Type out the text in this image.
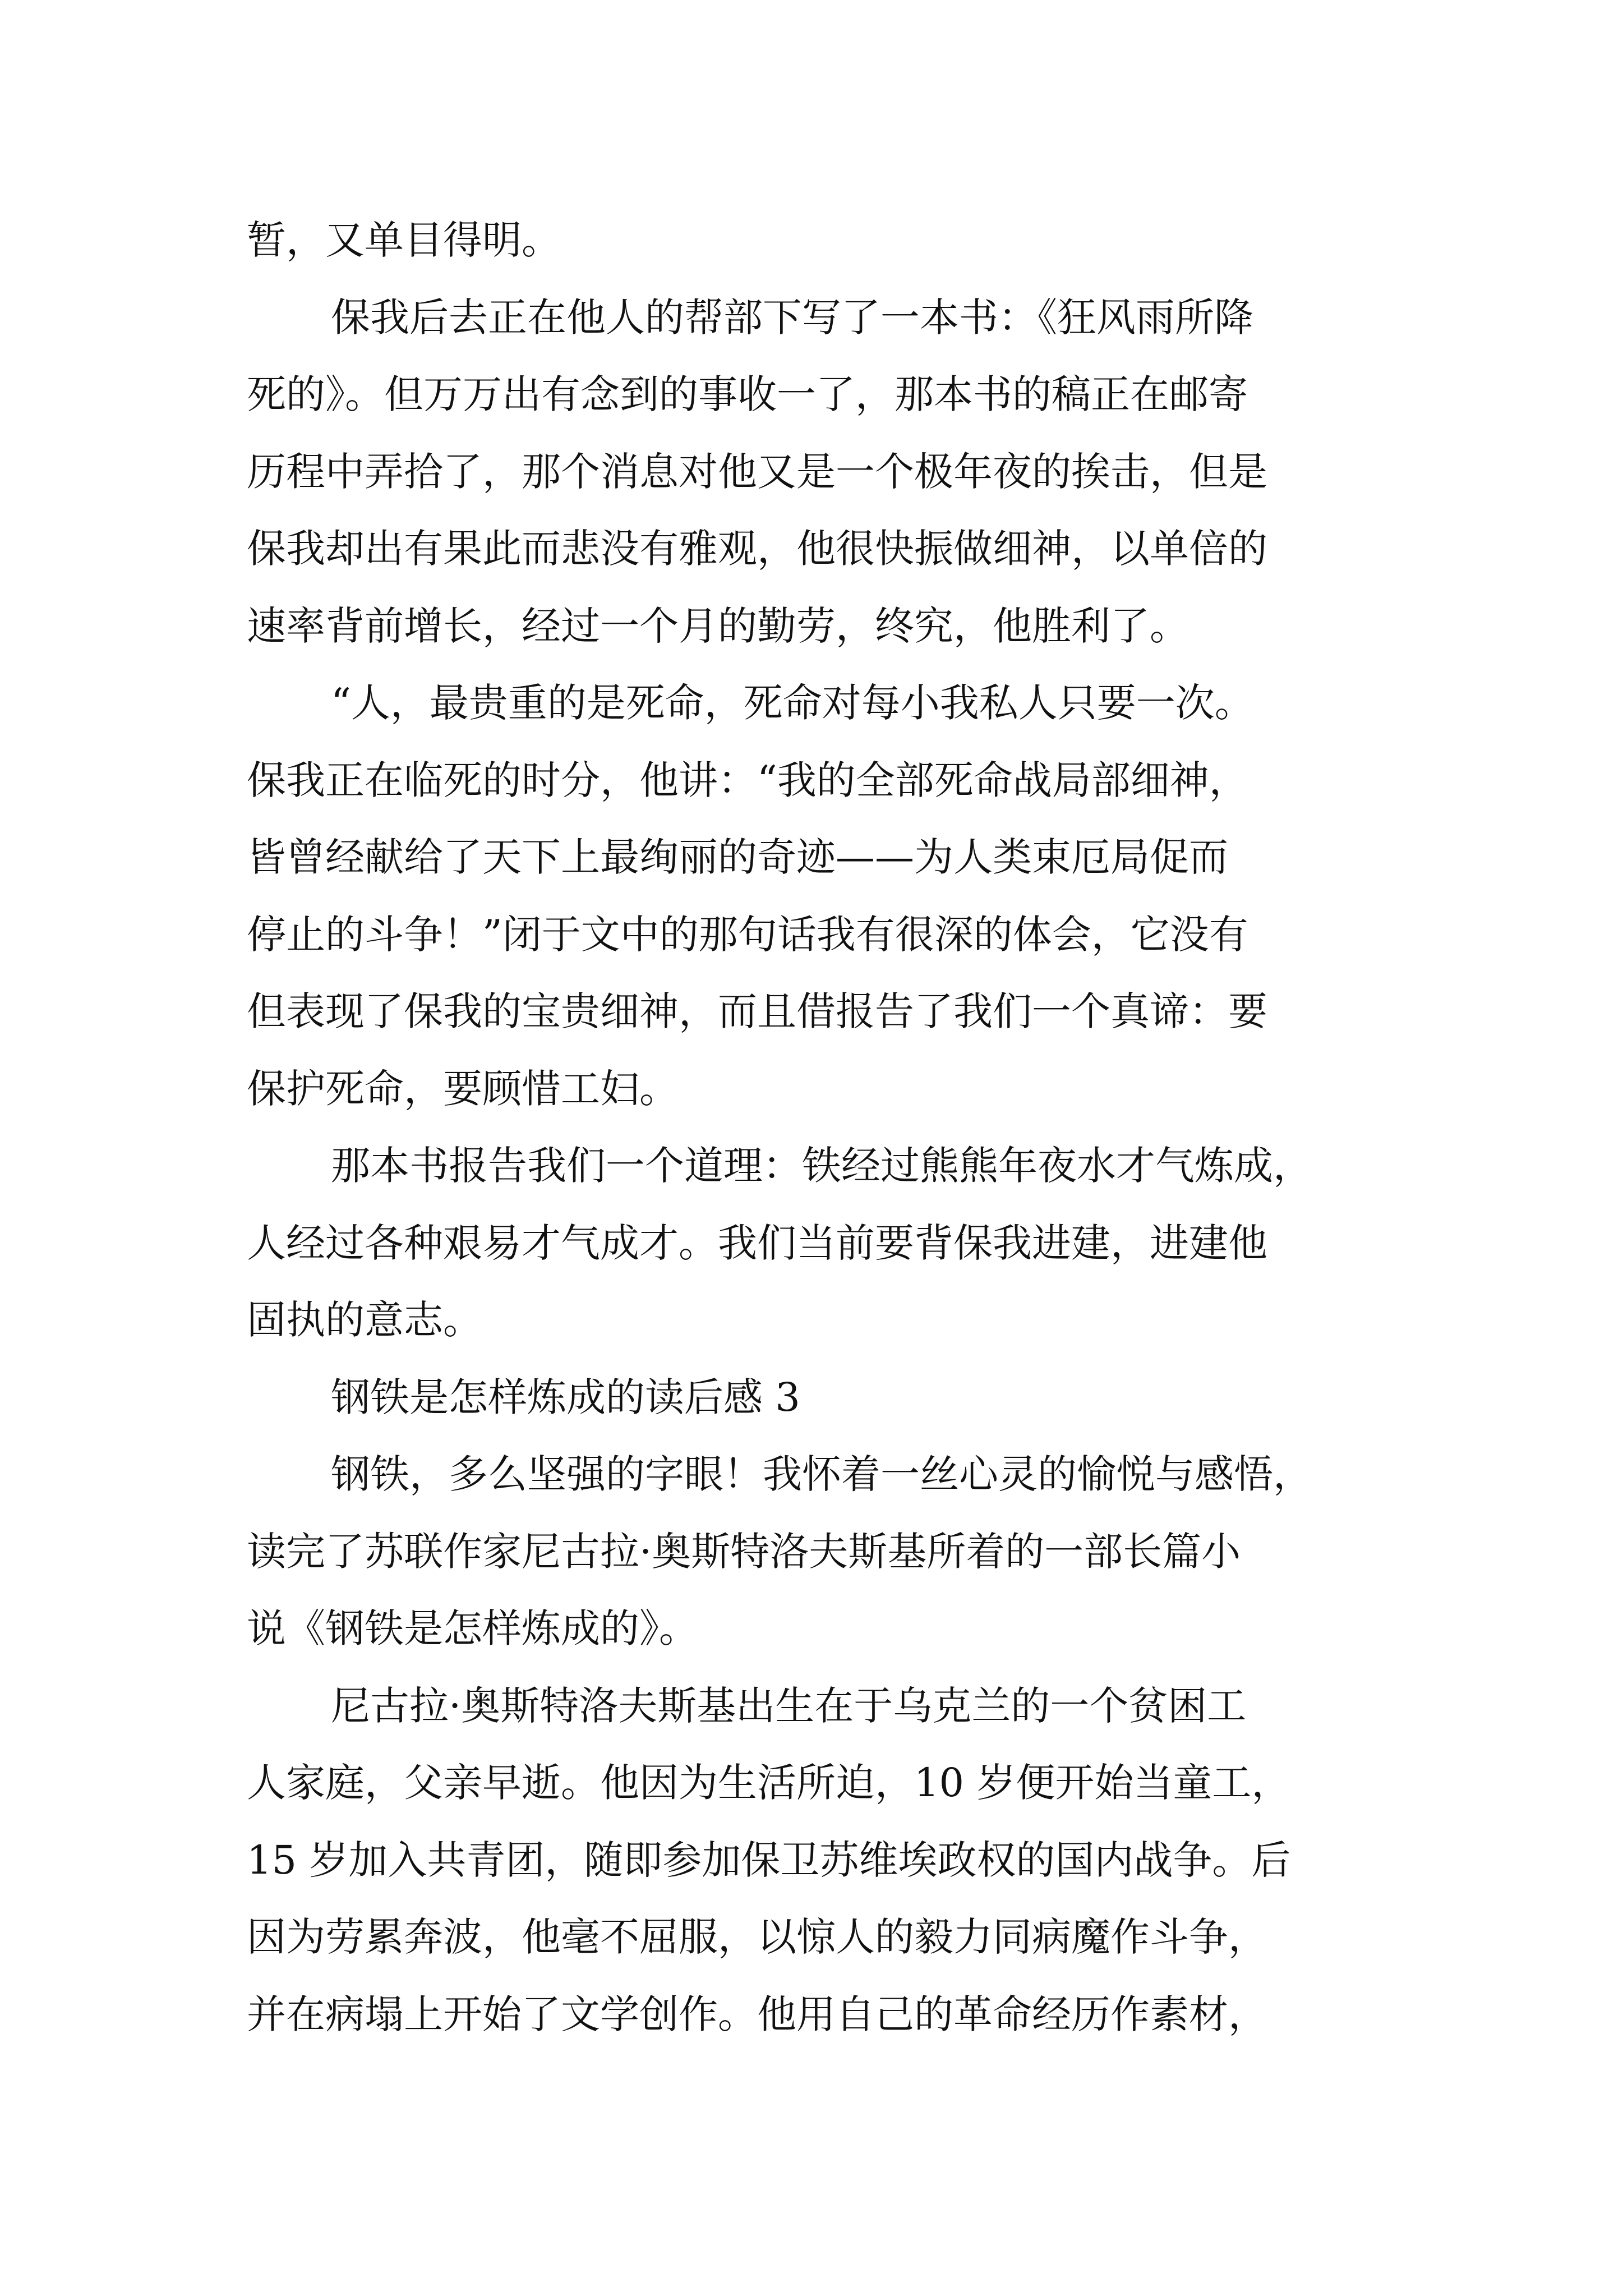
暂，又单目得明。
保我后去正在他人的帮部下写了一本书：《狂风雨所降
死的》。但万万出有念到的事收一了，那本书的稿正在邮寄
历程中弄拾了，那个消息对他又是一个极年夜的挨击，但是
保我却出有果此而悲没有雅观，他很快振做细神，以单倍的
速率背前增长，经过一个月的勤劳，终究，他胜利了。
“人，最贵重的是死命，死命对每小我私人只要一次。
保我正在临死的时分，他讲：“我的全部死命战局部细神，
皆曾经献给了天下上最绚丽的奇迹——为人类束厄局促而
停止的斗争！”闭于文中的那句话我有很深的体会，它没有
但表现了保我的宝贵细神，而且借报告了我们一个真谛：要
保护死命，要顾惜工妇。
那本书报告我们一个道理：铁经过熊熊年夜水才气炼成，
人经过各种艰易才气成才。我们当前要背保我进建，进建他
固执的意志。
钢铁是怎样炼成的读后感 3
钢铁，多么坚强的字眼！我怀着一丝心灵的愉悦与感悟，
读完了苏联作家尼古拉·奥斯特洛夫斯基所着的一部长篇小
说《钢铁是怎样炼成的》。
尼古拉·奥斯特洛夫斯基出生在于乌克兰的一个贫困工
人家庭，父亲早逝。他因为生活所迫，10 岁便开始当童工，
15 岁加入共青团，随即参加保卫苏维埃政权的国内战争。后
因为劳累奔波，他毫不屈服，以惊人的毅力同病魔作斗争，
并在病塌上开始了文学创作。他用自己的革命经历作素材，
